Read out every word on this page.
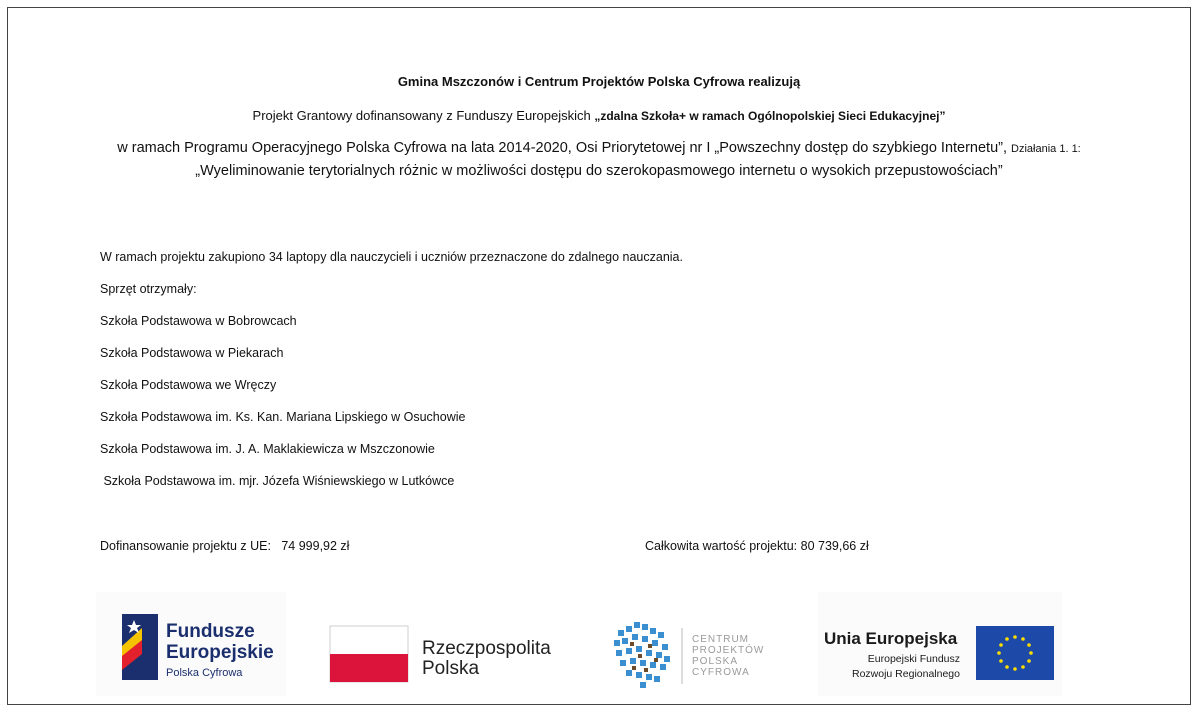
Gmina Mszczonów i Centrum Projektów Polska Cyfrowa realizują
Projekt Grantowy dofinansowany z Funduszy Europejskich „zdalna Szkoła+ w ramach Ogólnopolskiej Sieci Edukacyjnej”
w ramach Programu Operacyjnego Polska Cyfrowa na lata 2014-2020, Osi Priorytetowej nr I „Powszechny dostęp do szybkiego Internetu”, Działania 1. 1: „Wyeliminowanie terytorialnych różnic w możliwości dostępu do szerokopasmowego internetu o wysokich przepustowościach”
W ramach projektu zakupiono 34 laptopy dla nauczycieli i uczniów przeznaczone do zdalnego nauczania.
Sprzęt otrzymały:
Szkoła Podstawowa w Bobrowcach
Szkoła Podstawowa w Piekarach
Szkoła Podstawowa we Wręczy
Szkoła Podstawowa im. Ks. Kan. Mariana Lipskiego w Osuchowie
Szkoła Podstawowa im. J. A. Maklakiewicza w Mszczonowie
Szkoła Podstawowa im. mjr. Józefa Wiśniewskiego w Lutkówce
Dofinansowanie projektu z UE:   74 999,92 zł	Całkowita wartość projektu: 80 739,66 zł
Fundusze
Europejskie
Polska Cyfrowa
Rzeczpospolita
Polska
CENTRUM
PROJEKTÓW
POLSKA
CYFROWA
Unia Europejska
Europejski Fundusz
Rozwoju Regionalnego
